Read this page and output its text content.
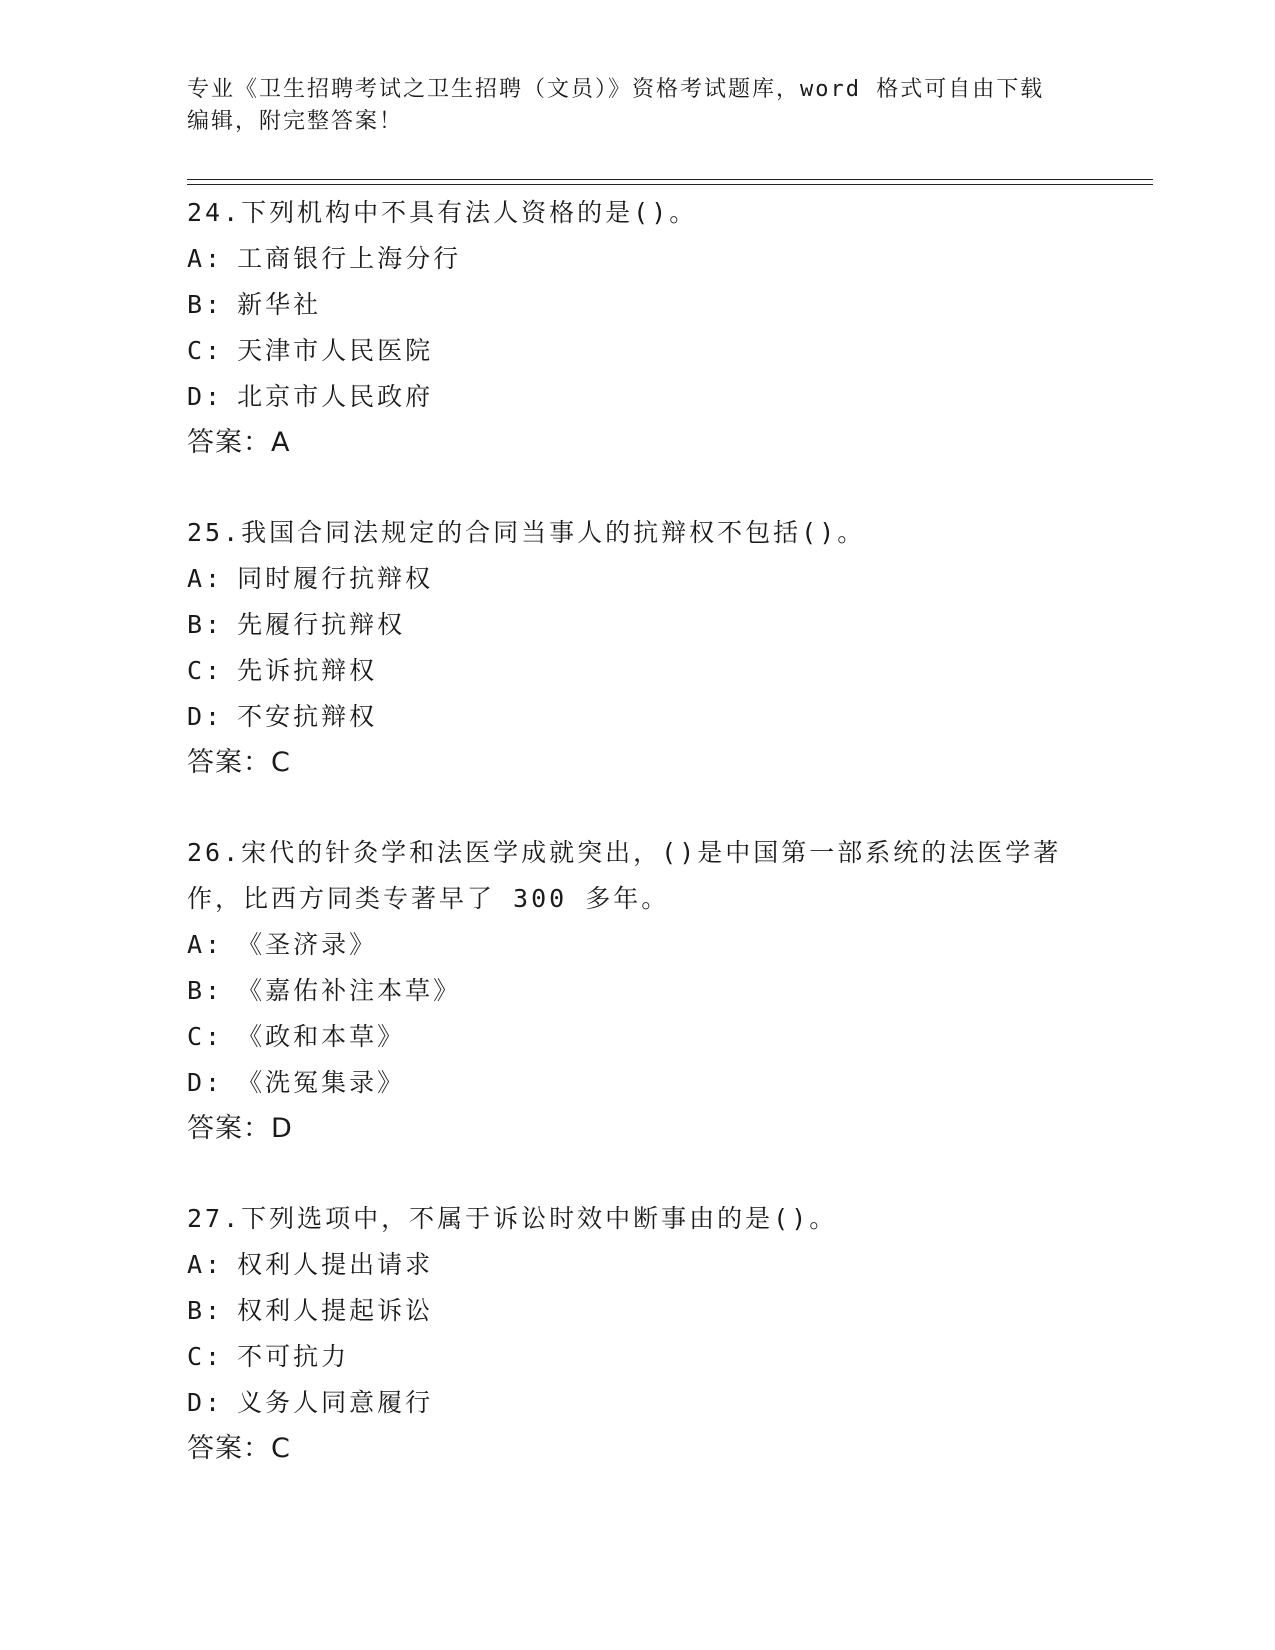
专业《卫生招聘考试之卫生招聘（文员）》资格考试题库，word 格式可自由下载
编辑，附完整答案！
24.下列机构中不具有法人资格的是()。
A: 工商银行上海分行
B: 新华社
C: 天津市人民医院
D: 北京市人民政府
答案：A
25.我国合同法规定的合同当事人的抗辩权不包括()。
A: 同时履行抗辩权
B: 先履行抗辩权
C: 先诉抗辩权
D: 不安抗辩权
答案：C
26.宋代的针灸学和法医学成就突出，()是中国第一部系统的法医学著作，比西方同类专著早了 300 多年。
A: 《圣济录》
B: 《嘉佑补注本草》
C: 《政和本草》
D: 《洗冤集录》
答案：D
27.下列选项中，不属于诉讼时效中断事由的是()。
A: 权利人提出请求
B: 权利人提起诉讼
C: 不可抗力
D: 义务人同意履行
答案：C
